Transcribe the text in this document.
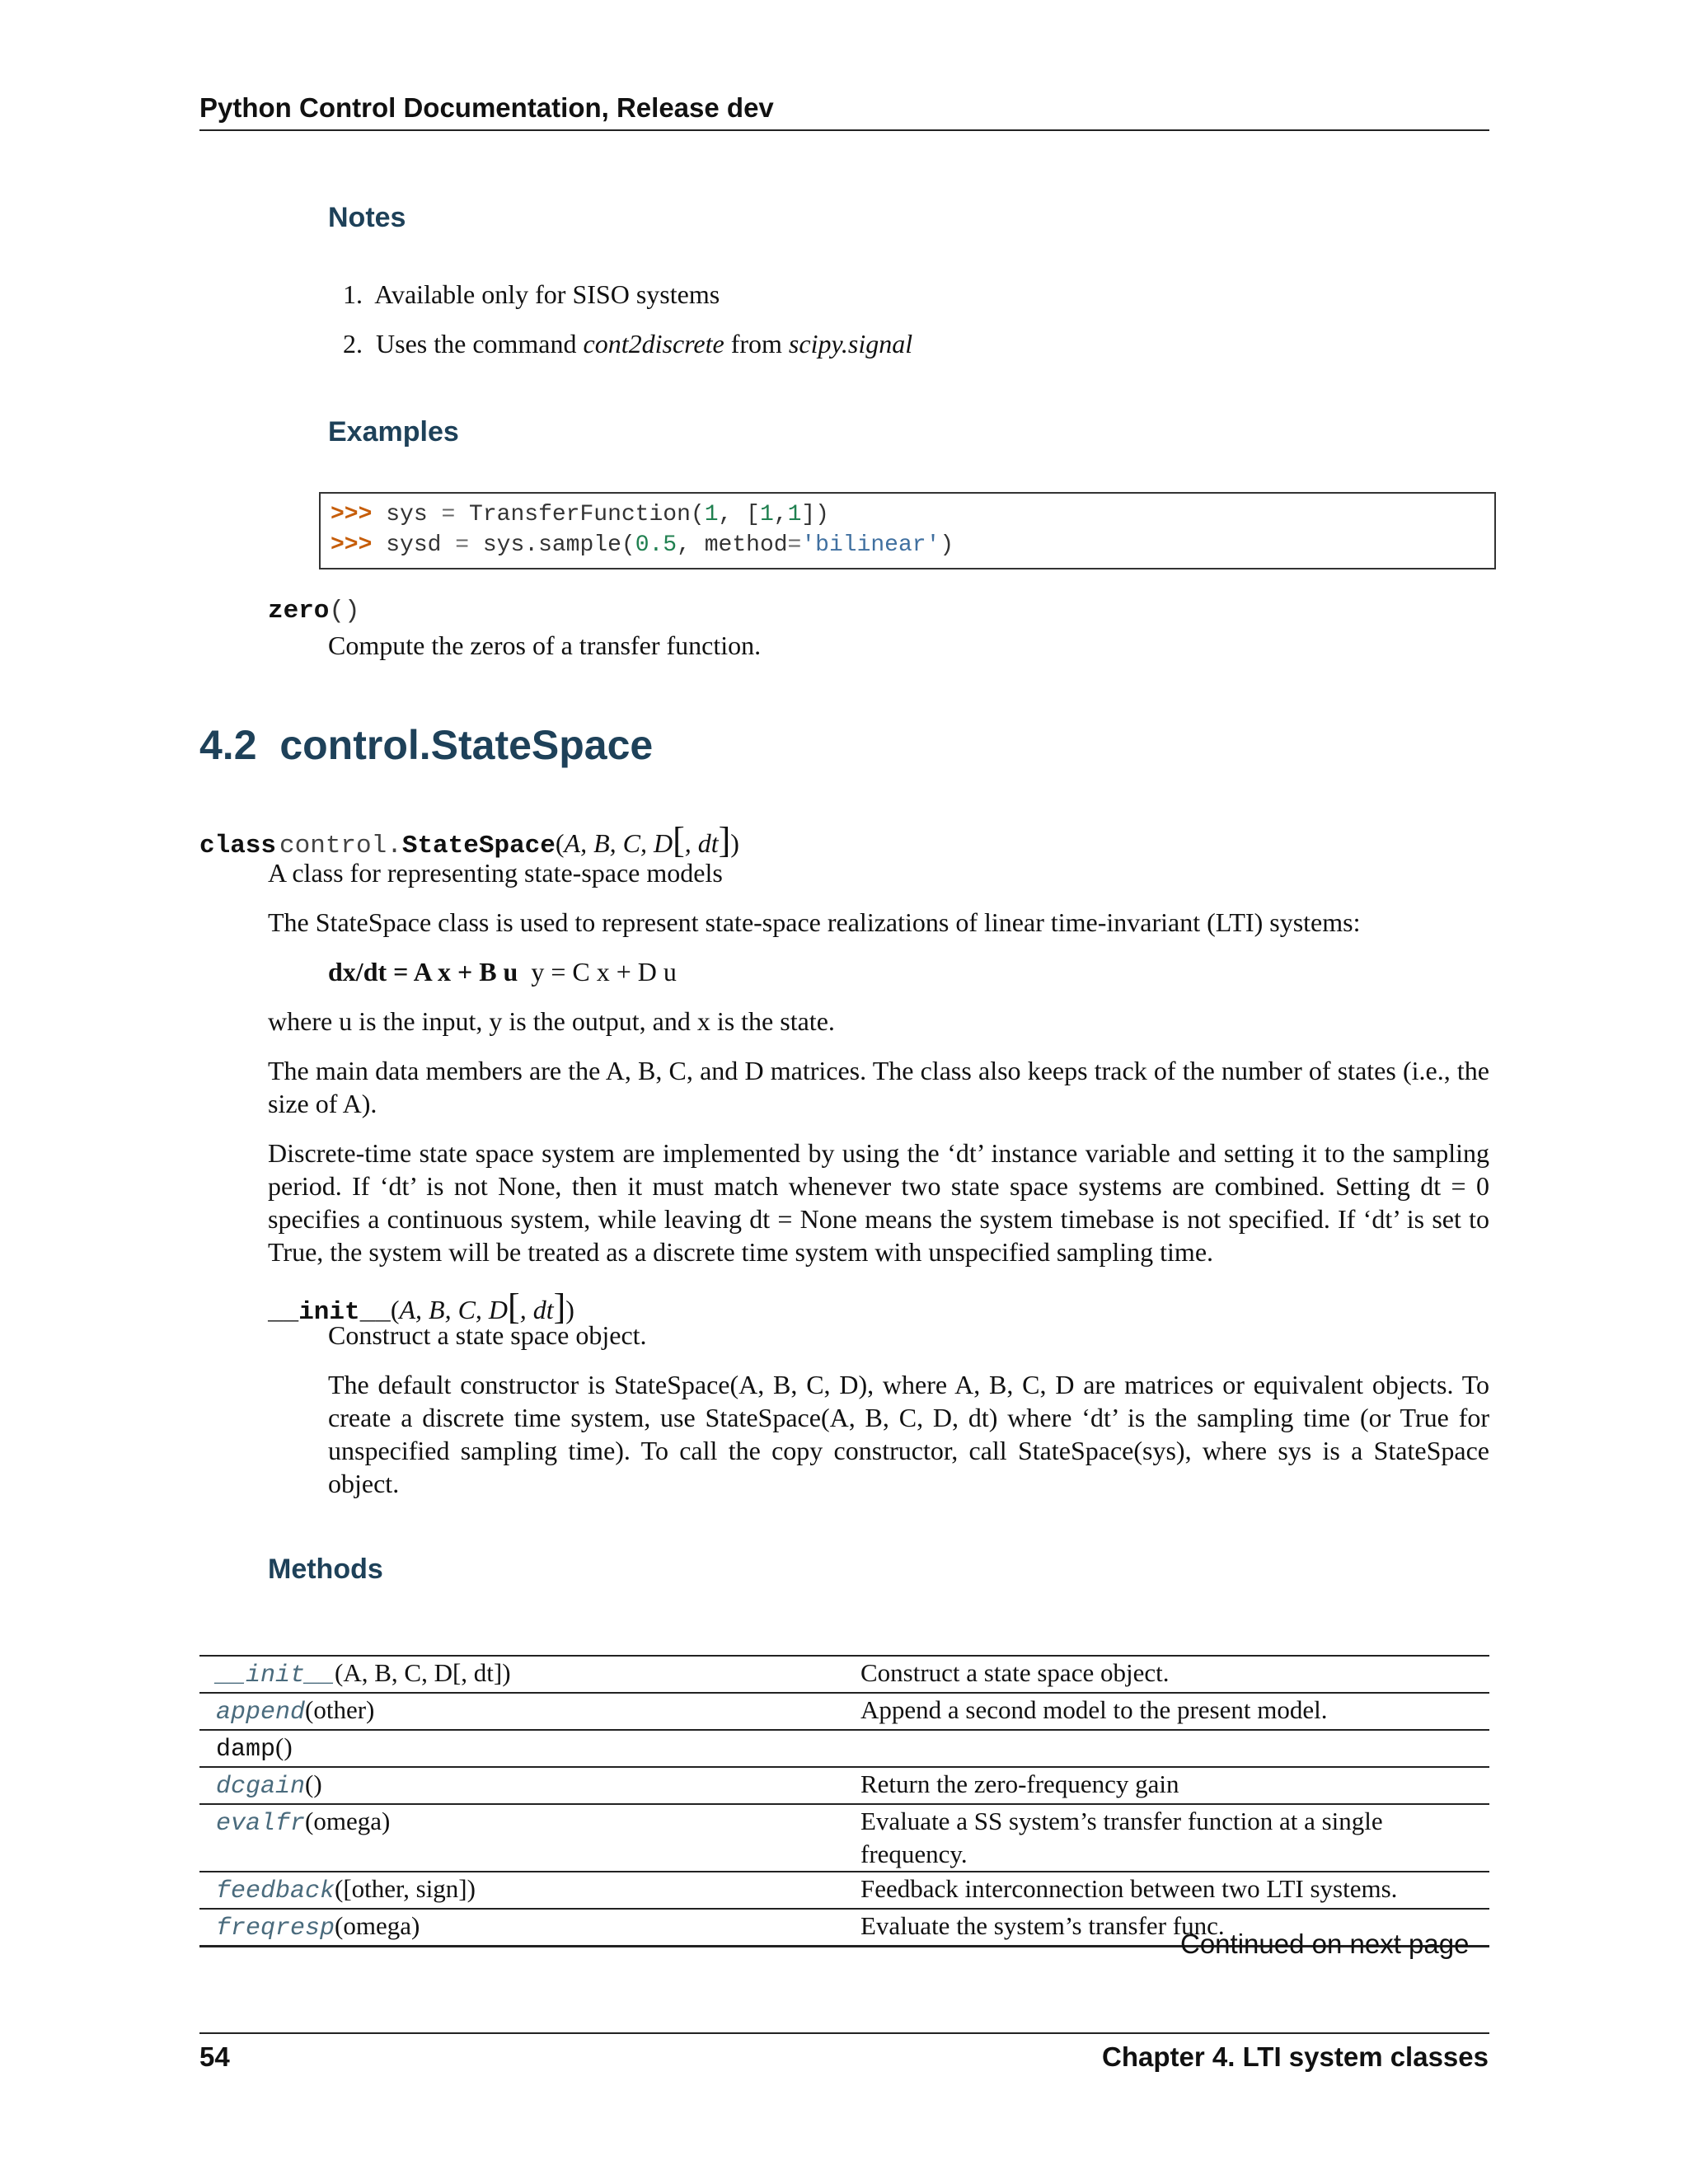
Python Control Documentation, Release dev
Notes
1. Available only for SISO systems
2. Uses the command cont2discrete from scipy.signal
Examples
>>> sys = TransferFunction(1, [1,1])
>>> sysd = sys.sample(0.5, method='bilinear')
zero()
Compute the zeros of a transfer function.
4.2 control.StateSpace
class control.StateSpace(A, B, C, D[, dt])
A class for representing state-space models
The StateSpace class is used to represent state-space realizations of linear time-invariant (LTI) systems:
dx/dt = A x + B u y = C x + D u
where u is the input, y is the output, and x is the state.
The main data members are the A, B, C, and D matrices. The class also keeps track of the number of states (i.e., the size of A).
Discrete-time state space system are implemented by using the ‘dt’ instance variable and setting it to the sampling period. If ‘dt’ is not None, then it must match whenever two state space systems are combined. Setting dt = 0 specifies a continuous system, while leaving dt = None means the system timebase is not specified. If ‘dt’ is set to True, the system will be treated as a discrete time system with unspecified sampling time.
__init__(A, B, C, D[, dt])
Construct a state space object.
The default constructor is StateSpace(A, B, C, D), where A, B, C, D are matrices or equivalent objects. To create a discrete time system, use StateSpace(A, B, C, D, dt) where ‘dt’ is the sampling time (or True for unspecified sampling time). To call the copy constructor, call StateSpace(sys), where sys is a StateSpace object.
Methods
__init__(A, B, C, D[, dt])	Construct a state space object.
append(other)	Append a second model to the present model.
damp()	
dcgain()	Return the zero-frequency gain
evalfr(omega)	Evaluate a SS system’s transfer function at a single frequency.
feedback([other, sign])	Feedback interconnection between two LTI systems.
freqresp(omega)	Evaluate the system’s transfer func.
Continued on next page
54	Chapter 4. LTI system classes
